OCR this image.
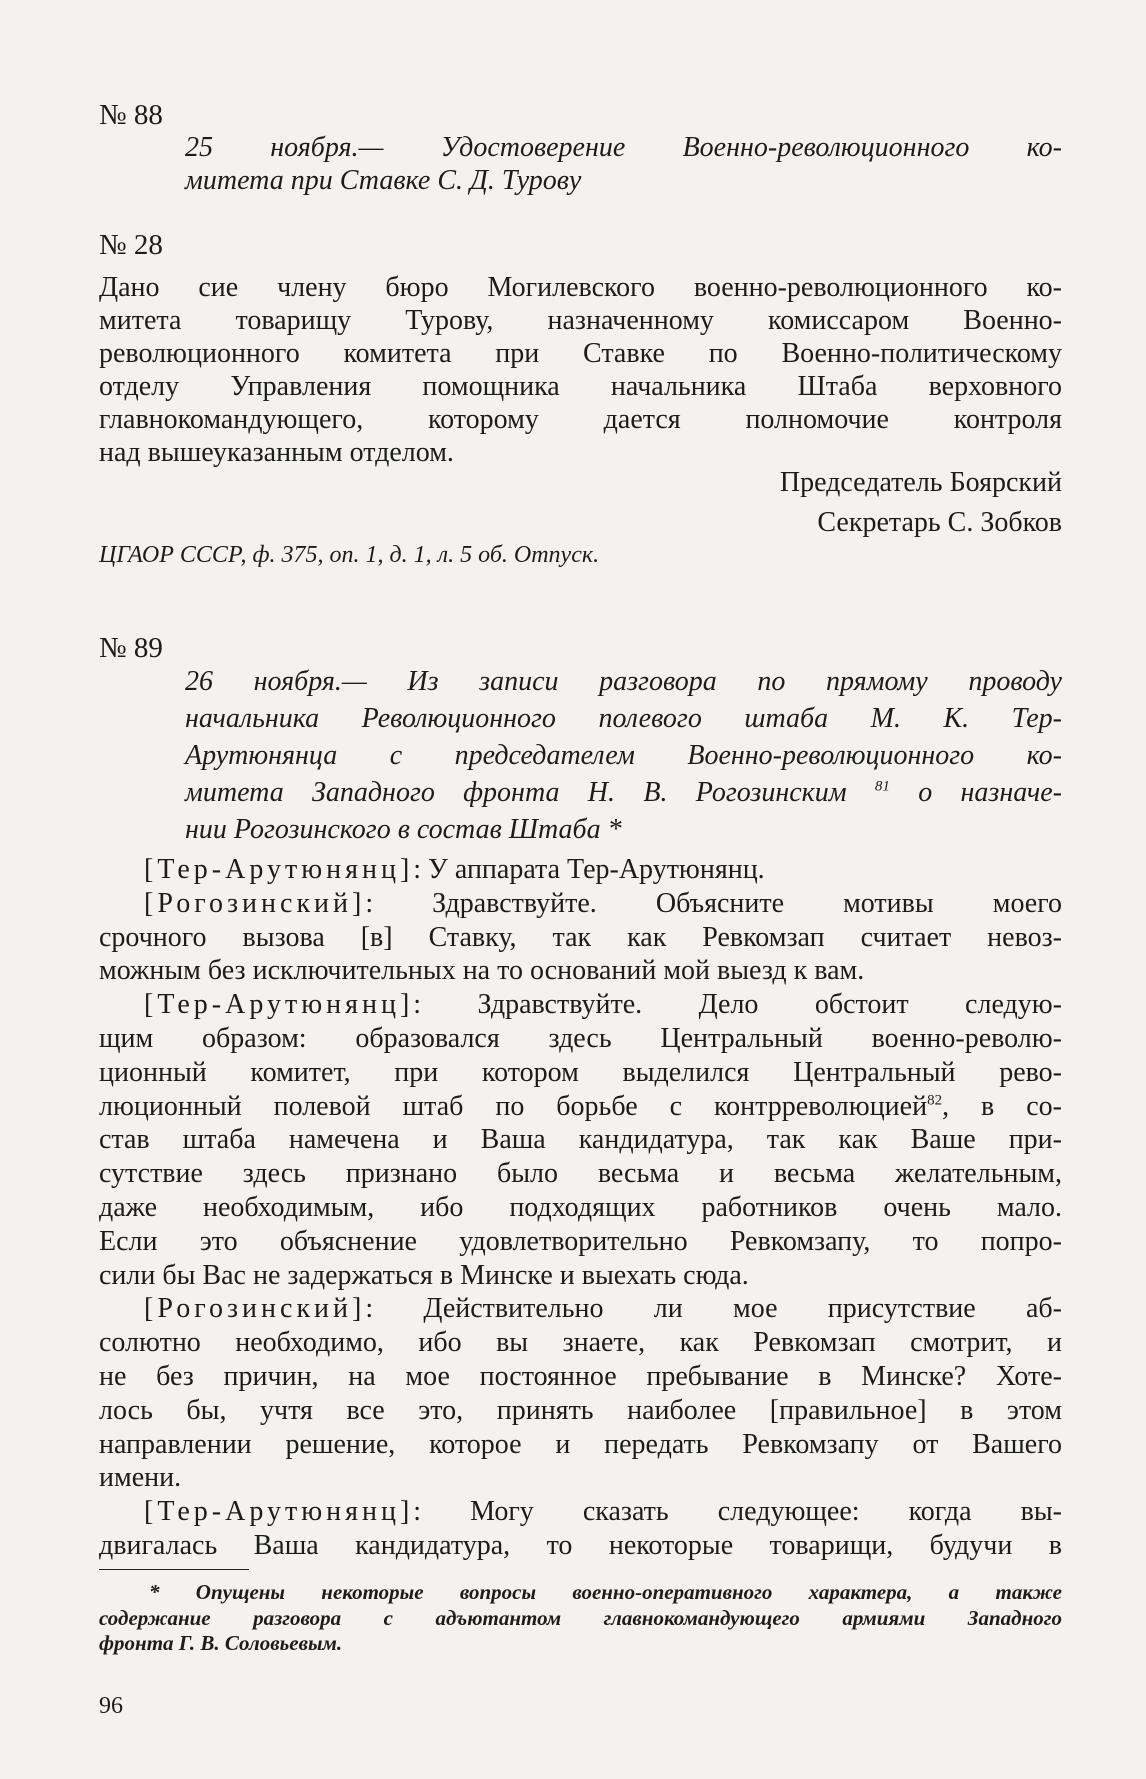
№ 88
25 ноября.— Удостоверение Военно-революционного ко-
митета при Ставке С. Д. Турову
№ 28
Дано сие члену бюро Могилевского военно-революционного ко-
митета товарищу Турову, назначенному комиссаром Военно-
революционного комитета при Ставке по Военно-политическому
отделу Управления помощника начальника Штаба верховного
главнокомандующего, которому дается полномочие контроля
над вышеуказанным отделом.
Председатель Боярский
Секретарь С. Зобков
ЦГАОР СССР, ф. 375, оп. 1, д. 1, л. 5 об. Отпуск.
№ 89
26 ноября.— Из записи разговора по прямому проводу
начальника Революционного полевого штаба М. К. Тер-
Арутюнянца с председателем Военно-революционного ко-
митета Западного фронта Н. В. Рогозинским $^{81}$ о назначе-
нии Рогозинского в состав Штаба *
[Тер-Арутюнянц]: У аппарата Тер-Арутюнянц.
[Рогозинский]: Здравствуйте. Объясните мотивы моего
срочного вызова [в] Ставку, так как Ревкомзап считает невоз-
можным без исключительных на то оснований мой выезд к вам.
[Тер-Арутюнянц]: Здравствуйте. Дело обстоит следую-
щим образом: образовался здесь Центральный военно-револю-
ционный комитет, при котором выделился Центральный рево-
люционный полевой штаб по борьбе с контрреволюцией$^{82}$, в со-
став штаба намечена и Ваша кандидатура, так как Ваше при-
сутствие здесь признано было весьма и весьма желательным,
даже необходимым, ибо подходящих работников очень мало.
Если это объяснение удовлетворительно Ревкомзапу, то попро-
сили бы Вас не задержаться в Минске и выехать сюда.
[Рогозинский]: Действительно ли мое присутствие аб-
солютно необходимо, ибо вы знаете, как Ревкомзап смотрит, и
не без причин, на мое постоянное пребывание в Минске? Хоте-
лось бы, учтя все это, принять наиболее [правильное] в этом
направлении решение, которое и передать Ревкомзапу от Вашего
имени.
[Тер-Арутюнянц]: Могу сказать следующее: когда вы-
двигалась Ваша кандидатура, то некоторые товарищи, будучи в
* Опущены некоторые вопросы военно-оперативного характера, а также
содержание разговора с адъютантом главнокомандующего армиями Западного
фронта Г. В. Соловьевым.
96
